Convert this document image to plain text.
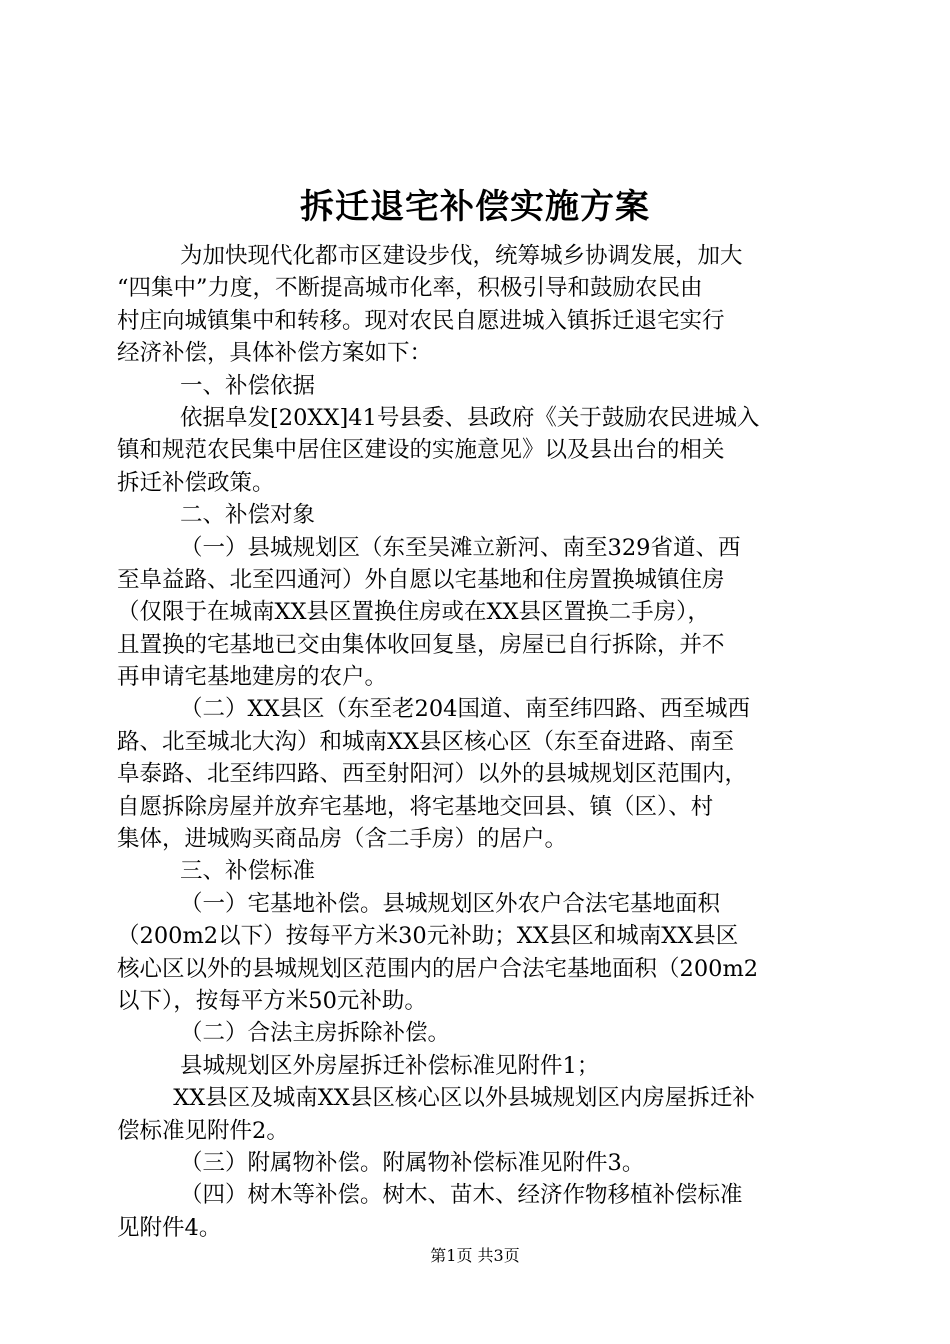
拆迁退宅补偿实施方案
为加快现代化都市区建设步伐，统筹城乡协调发展，加大
“四集中”力度，不断提高城市化率，积极引导和鼓励农民由
村庄向城镇集中和转移。现对农民自愿进城入镇拆迁退宅实行
经济补偿，具体补偿方案如下：
一、补偿依据
依据阜发[20XX]41号县委、县政府《关于鼓励农民进城入
镇和规范农民集中居住区建设的实施意见》以及县出台的相关
拆迁补偿政策。
二、补偿对象
（一）县城规划区（东至吴滩立新河、南至329省道、西
至阜益路、北至四通河）外自愿以宅基地和住房置换城镇住房
（仅限于在城南XX县区置换住房或在XX县区置换二手房），
且置换的宅基地已交由集体收回复垦，房屋已自行拆除，并不
再申请宅基地建房的农户。
（二）XX县区（东至老204国道、南至纬四路、西至城西
路、北至城北大沟）和城南XX县区核心区（东至奋进路、南至
阜泰路、北至纬四路、西至射阳河）以外的县城规划区范围内，
自愿拆除房屋并放弃宅基地，将宅基地交回县、镇（区）、村
集体，进城购买商品房（含二手房）的居户。
三、补偿标准
（一）宅基地补偿。县城规划区外农户合法宅基地面积
（200m2以下）按每平方米30元补助；XX县区和城南XX县区
核心区以外的县城规划区范围内的居户合法宅基地面积（200m2
以下），按每平方米50元补助。
（二）合法主房拆除补偿。
县城规划区外房屋拆迁补偿标准见附件1；
XX县区及城南XX县区核心区以外县城规划区内房屋拆迁补
偿标准见附件2。
（三）附属物补偿。附属物补偿标准见附件3。
（四）树木等补偿。树木、苗木、经济作物移植补偿标准
见附件4。
第1页 共3页
